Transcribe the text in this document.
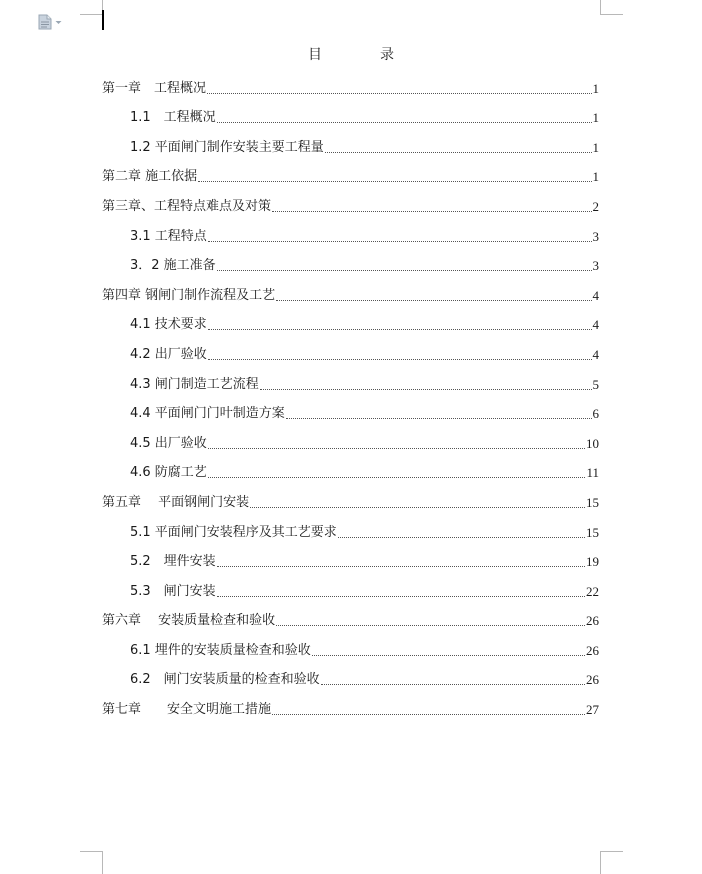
目	录
第一章　工程概况	1
1.1　工程概况	1
1.2 平面闸门制作安装主要工程量	1
第二章 施工依据	1
第三章、工程特点难点及对策	2
3.1 工程特点	3
3．2 施工准备	3
第四章 钢闸门制作流程及工艺	4
4.1 技术要求	4
4.2 出厂验收	4
4.3 闸门制造工艺流程	5
4.4 平面闸门门叶制造方案	6
4.5 出厂验收	10
4.6 防腐工艺	11
第五章　 平面钢闸门安装	15
5.1 平面闸门安装程序及其工艺要求	15
5.2　埋件安装	19
5.3　闸门安装	22
第六章　 安装质量检查和验收	26
6.1 埋件的安装质量检查和验收	26
6.2　闸门安装质量的检查和验收	26
第七章　　安全文明施工措施	27
